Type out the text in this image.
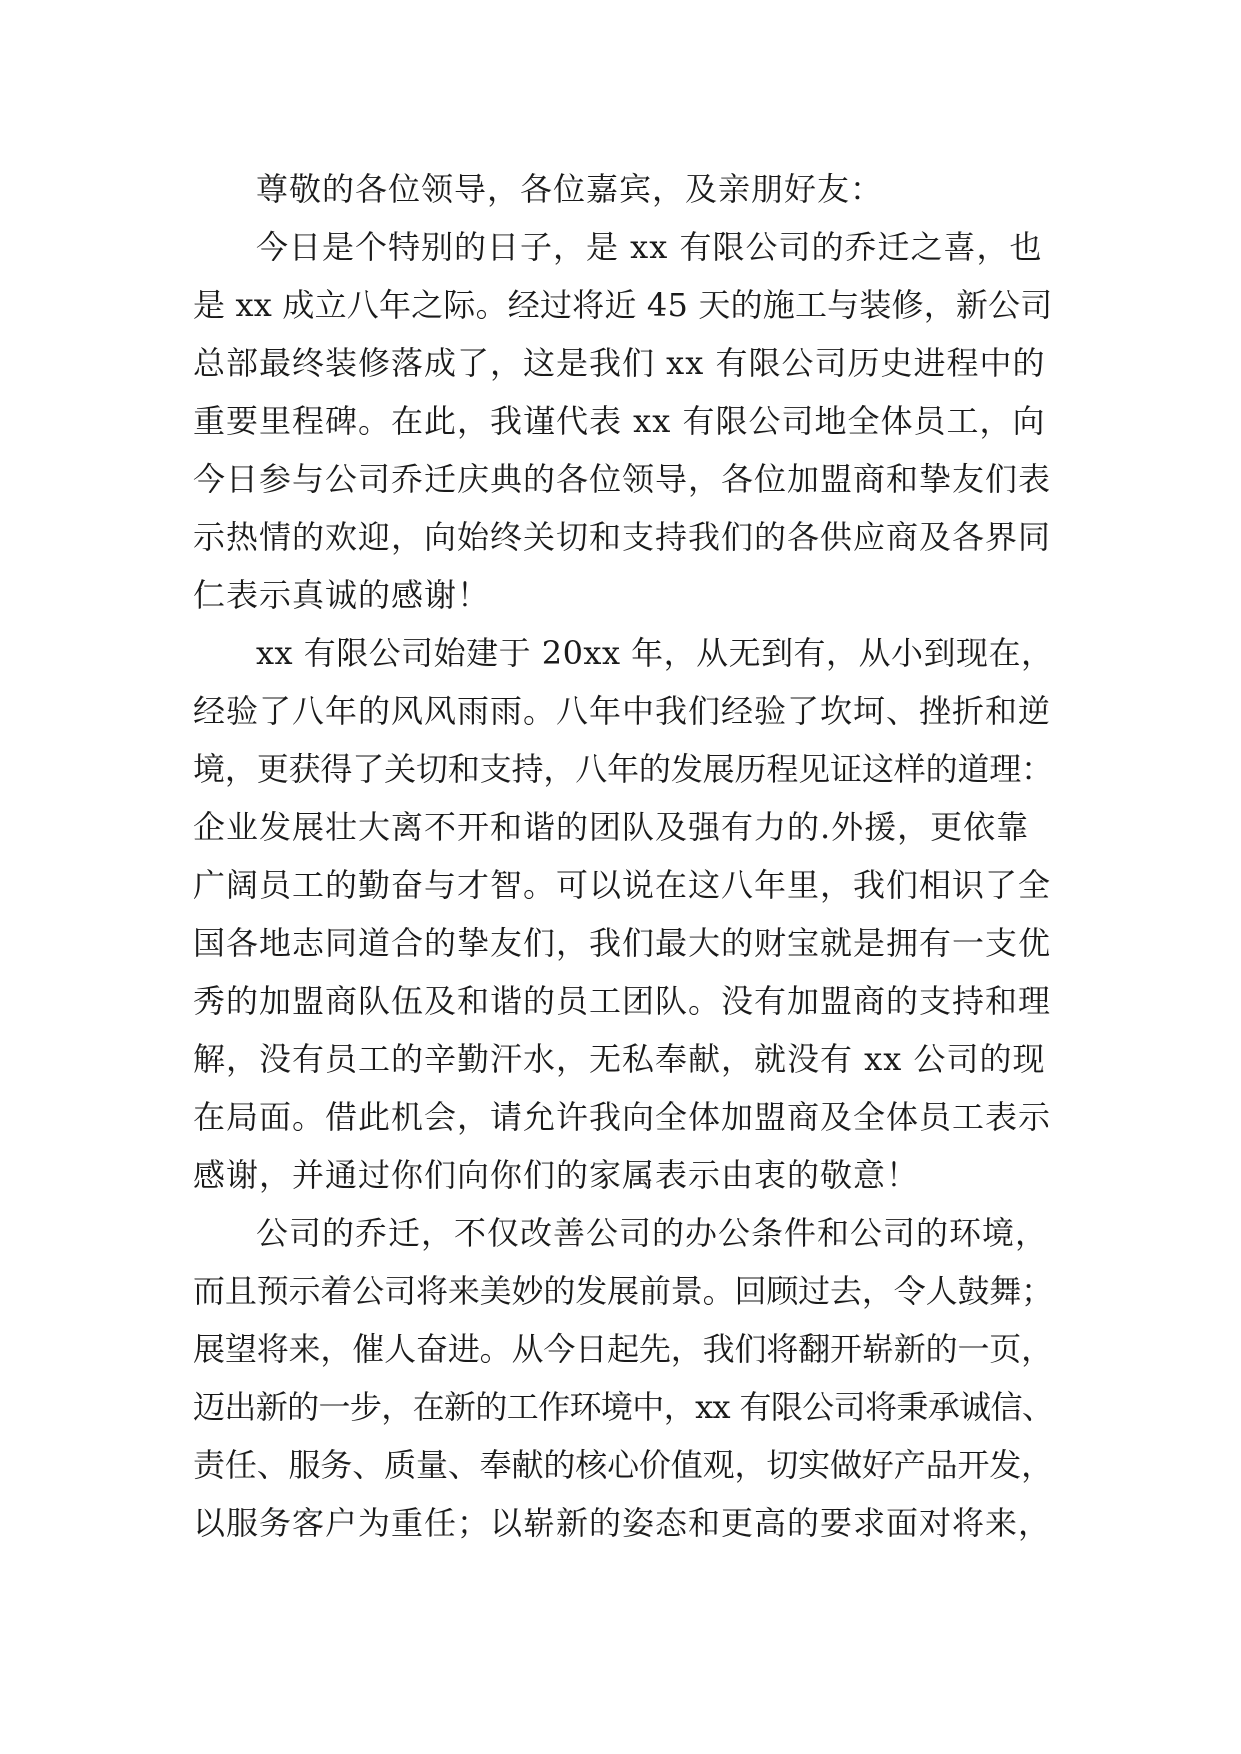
尊敬的各位领导，各位嘉宾，及亲朋好友：
今日是个特别的日子，是 xx 有限公司的乔迁之喜，也
是 xx 成立八年之际。经过将近 45 天的施工与装修，新公司
总部最终装修落成了，这是我们 xx 有限公司历史进程中的
重要里程碑。在此，我谨代表 xx 有限公司地全体员工，向
今日参与公司乔迁庆典的各位领导，各位加盟商和挚友们表
示热情的欢迎，向始终关切和支持我们的各供应商及各界同
仁表示真诚的感谢！
xx 有限公司始建于 20xx 年，从无到有，从小到现在，
经验了八年的风风雨雨。八年中我们经验了坎坷、挫折和逆
境，更获得了关切和支持，八年的发展历程见证这样的道理：
企业发展壮大离不开和谐的团队及强有力的.外援，更依靠
广阔员工的勤奋与才智。可以说在这八年里，我们相识了全
国各地志同道合的挚友们，我们最大的财宝就是拥有一支优
秀的加盟商队伍及和谐的员工团队。没有加盟商的支持和理
解，没有员工的辛勤汗水，无私奉献，就没有 xx 公司的现
在局面。借此机会，请允许我向全体加盟商及全体员工表示
感谢，并通过你们向你们的家属表示由衷的敬意！
公司的乔迁，不仅改善公司的办公条件和公司的环境，
而且预示着公司将来美妙的发展前景。回顾过去，令人鼓舞；
展望将来，催人奋进。从今日起先，我们将翻开崭新的一页，
迈出新的一步，在新的工作环境中，xx 有限公司将秉承诚信、
责任、服务、质量、奉献的核心价值观，切实做好产品开发，
以服务客户为重任；以崭新的姿态和更高的要求面对将来，
